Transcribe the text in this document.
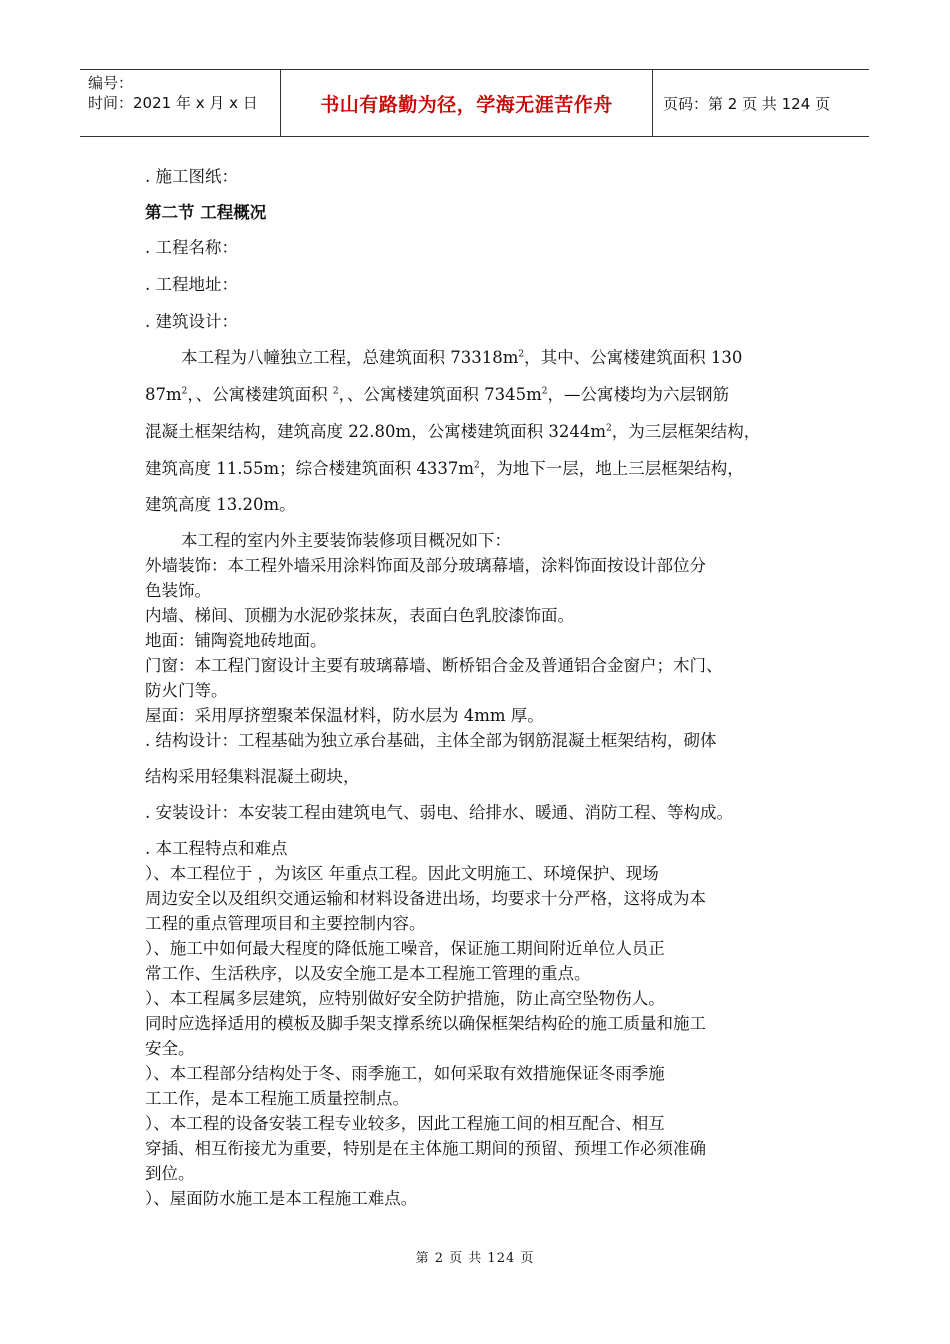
编号：
时间：2021 年 x 月 x 日	书山有路勤为径，学海无涯苦作舟	页码：第 2 页 共 124 页
. 施工图纸：
第二节 工程概况
. 工程名称：
. 工程地址：
. 建筑设计：
本工程为八幢独立工程，总建筑面积 $73318m^2$，其中、公寓楼建筑面积 130
$87m^2$，、公寓楼建筑面积 $^2$，、公寓楼建筑面积 $7345m^2$，—公寓楼均为六层钢筋
混凝土框架结构，建筑高度 22.80m，公寓楼建筑面积 $3244m^2$，为三层框架结构，
建筑高度 11.55m；综合楼建筑面积 $4337m^2$，为地下一层，地上三层框架结构，
建筑高度 13.20m。
本工程的室内外主要装饰装修项目概况如下：
外墙装饰：本工程外墙采用涂料饰面及部分玻璃幕墙，涂料饰面按设计部位分
色装饰。
内墙、梯间、顶棚为水泥砂浆抹灰，表面白色乳胶漆饰面。
地面：铺陶瓷地砖地面。
门窗：本工程门窗设计主要有玻璃幕墙、断桥铝合金及普通铝合金窗户；木门、
防火门等。
屋面：采用厚挤塑聚苯保温材料，防水层为 4mm 厚。
. 结构设计：工程基础为独立承台基础，主体全部为钢筋混凝土框架结构，砌体
结构采用轻集料混凝土砌块，
. 安装设计：本安装工程由建筑电气、弱电、给排水、暖通、消防工程、等构成。
. 本工程特点和难点
）、本工程位于 ，为该区 年重点工程。因此文明施工、环境保护、现场
周边安全以及组织交通运输和材料设备进出场，均要求十分严格，这将成为本
工程的重点管理项目和主要控制内容。
）、施工中如何最大程度的降低施工噪音，保证施工期间附近单位人员正
常工作、生活秩序，以及安全施工是本工程施工管理的重点。
）、本工程属多层建筑，应特别做好安全防护措施，防止高空坠物伤人。
同时应选择适用的模板及脚手架支撑系统以确保框架结构砼的施工质量和施工
安全。
）、本工程部分结构处于冬、雨季施工，如何采取有效措施保证冬雨季施
工工作，是本工程施工质量控制点。
）、本工程的设备安装工程专业较多，因此工程施工间的相互配合、相互
穿插、相互衔接尤为重要，特别是在主体施工期间的预留、预埋工作必须准确
到位。
）、屋面防水施工是本工程施工难点。
第 2 页 共 124 页
